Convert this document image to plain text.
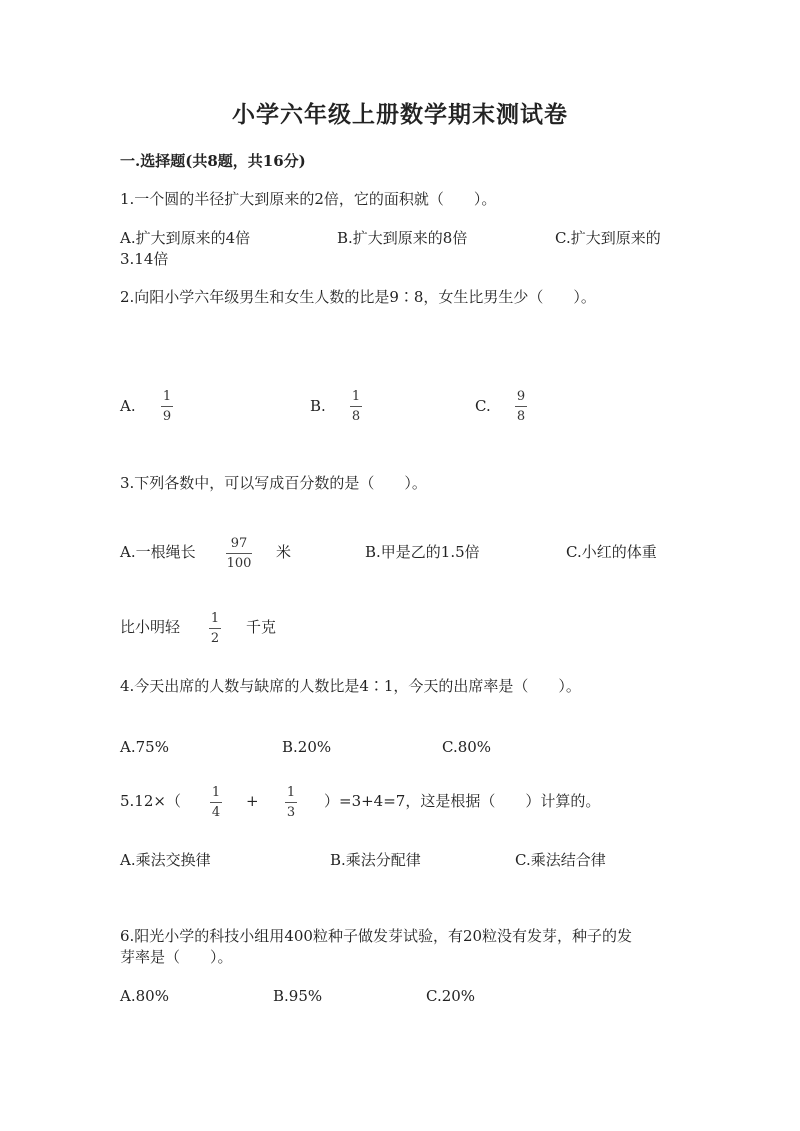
小学六年级上册数学期末测试卷
一.选择题(共8题，共16分)
1.一个圆的半径扩大到原来的2倍，它的面积就（　　）。
A.扩大到原来的4倍	B.扩大到原来的8倍	C.扩大到原来的
3.14倍
2.向阳小学六年级男生和女生人数的比是9∶8，女生比男生少（　　）。
A.
1
9
B.
1
8
C.
9
8
3.下列各数中，可以写成百分数的是（　　）。
A.一根绳长	97
100
米	B.甲是乙的1.5倍	C.小红的体重
比小明轻 1
2
千克
4.今天出席的人数与缺席的人数比是4∶1，今天的出席率是（　　）。
A.75%	B.20%	C.80%
5.12×（ 1
4
+ 1
3
）=3+4=7，这是根据（　　）计算的。
A.乘法交换律	B.乘法分配律	C.乘法结合律
6.阳光小学的科技小组用400粒种子做发芽试验，有20粒没有发芽，种子的发
芽率是（　　）。
A.80%	B.95%	C.20%
